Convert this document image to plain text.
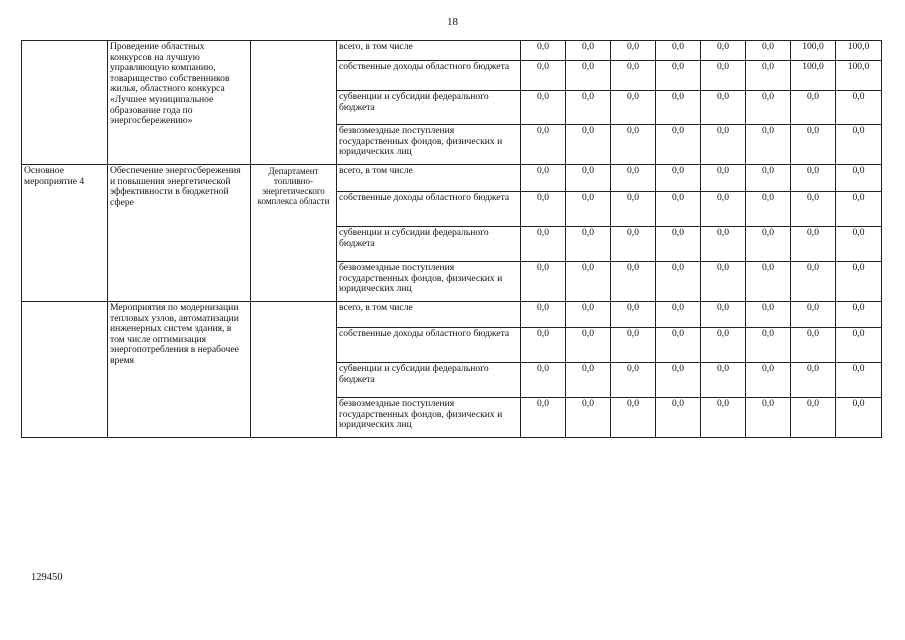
18
	Проведение областных конкурсов на лучшую управляющую компанию, товарищество собственников жилья, областного конкурса «Лучшее муниципальное образование года по энергосбережению»		всего, в том числе	0,0	0,0	0,0	0,0	0,0	0,0	100,0	100,0
			собственные доходы областного бюджета	0,0	0,0	0,0	0,0	0,0	0,0	100,0	100,0
			субвенции и субсидии федерального бюджета	0,0	0,0	0,0	0,0	0,0	0,0	0,0	0,0
			безвозмездные поступления государственных фондов, физических и юридических лиц	0,0	0,0	0,0	0,0	0,0	0,0	0,0	0,0
Основное мероприятие 4	Обеспечение энергосбережения и повышения энергетической эффективности в бюджетной сфере	Департамент топливно-энергетического комплекса области	всего, в том числе	0,0	0,0	0,0	0,0	0,0	0,0	0,0	0,0
			собственные доходы областного бюджета	0,0	0,0	0,0	0,0	0,0	0,0	0,0	0,0
			субвенции и субсидии федерального бюджета	0,0	0,0	0,0	0,0	0,0	0,0	0,0	0,0
			безвозмездные поступления государственных фондов, физических и юридических лиц	0,0	0,0	0,0	0,0	0,0	0,0	0,0	0,0
	Мероприятия по модернизации тепловых узлов, автоматизации инженерных систем здания, в том числе оптимизация энергопотребления в нерабочее время		всего, в том числе	0,0	0,0	0,0	0,0	0,0	0,0	0,0	0,0
			собственные доходы областного бюджета	0,0	0,0	0,0	0,0	0,0	0,0	0,0	0,0
			субвенции и субсидии федерального бюджета	0,0	0,0	0,0	0,0	0,0	0,0	0,0	0,0
			безвозмездные поступления государственных фондов, физических и юридических лиц	0,0	0,0	0,0	0,0	0,0	0,0	0,0	0,0
129450
